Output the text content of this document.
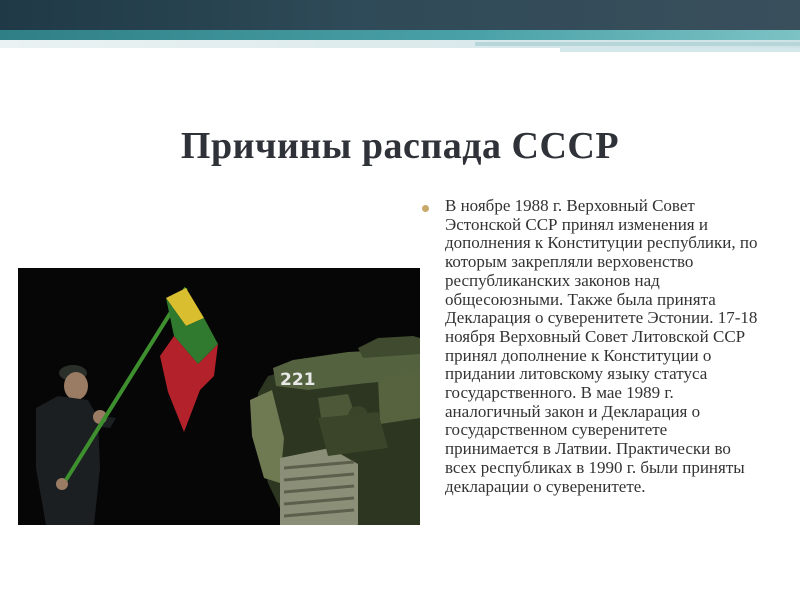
Причины распада СССР
221

В ноябре 1988 г. Верховный Совет Эстонской ССР принял изменения и дополнения к Конституции республики, по которым закрепляли верховенство республиканских законов над общесоюзными. Также была принята Декларация о суверенитете Эстонии. 17-18 ноября Верховный Совет Литовской ССР принял дополнение к Конституции о придании литовскому языку статуса государственного. В мае 1989 г. аналогичный закон и Декларация о государственном суверенитете принимается в Латвии. Практически во всех республиках в 1990 г. были приняты декларации о суверенитете.
